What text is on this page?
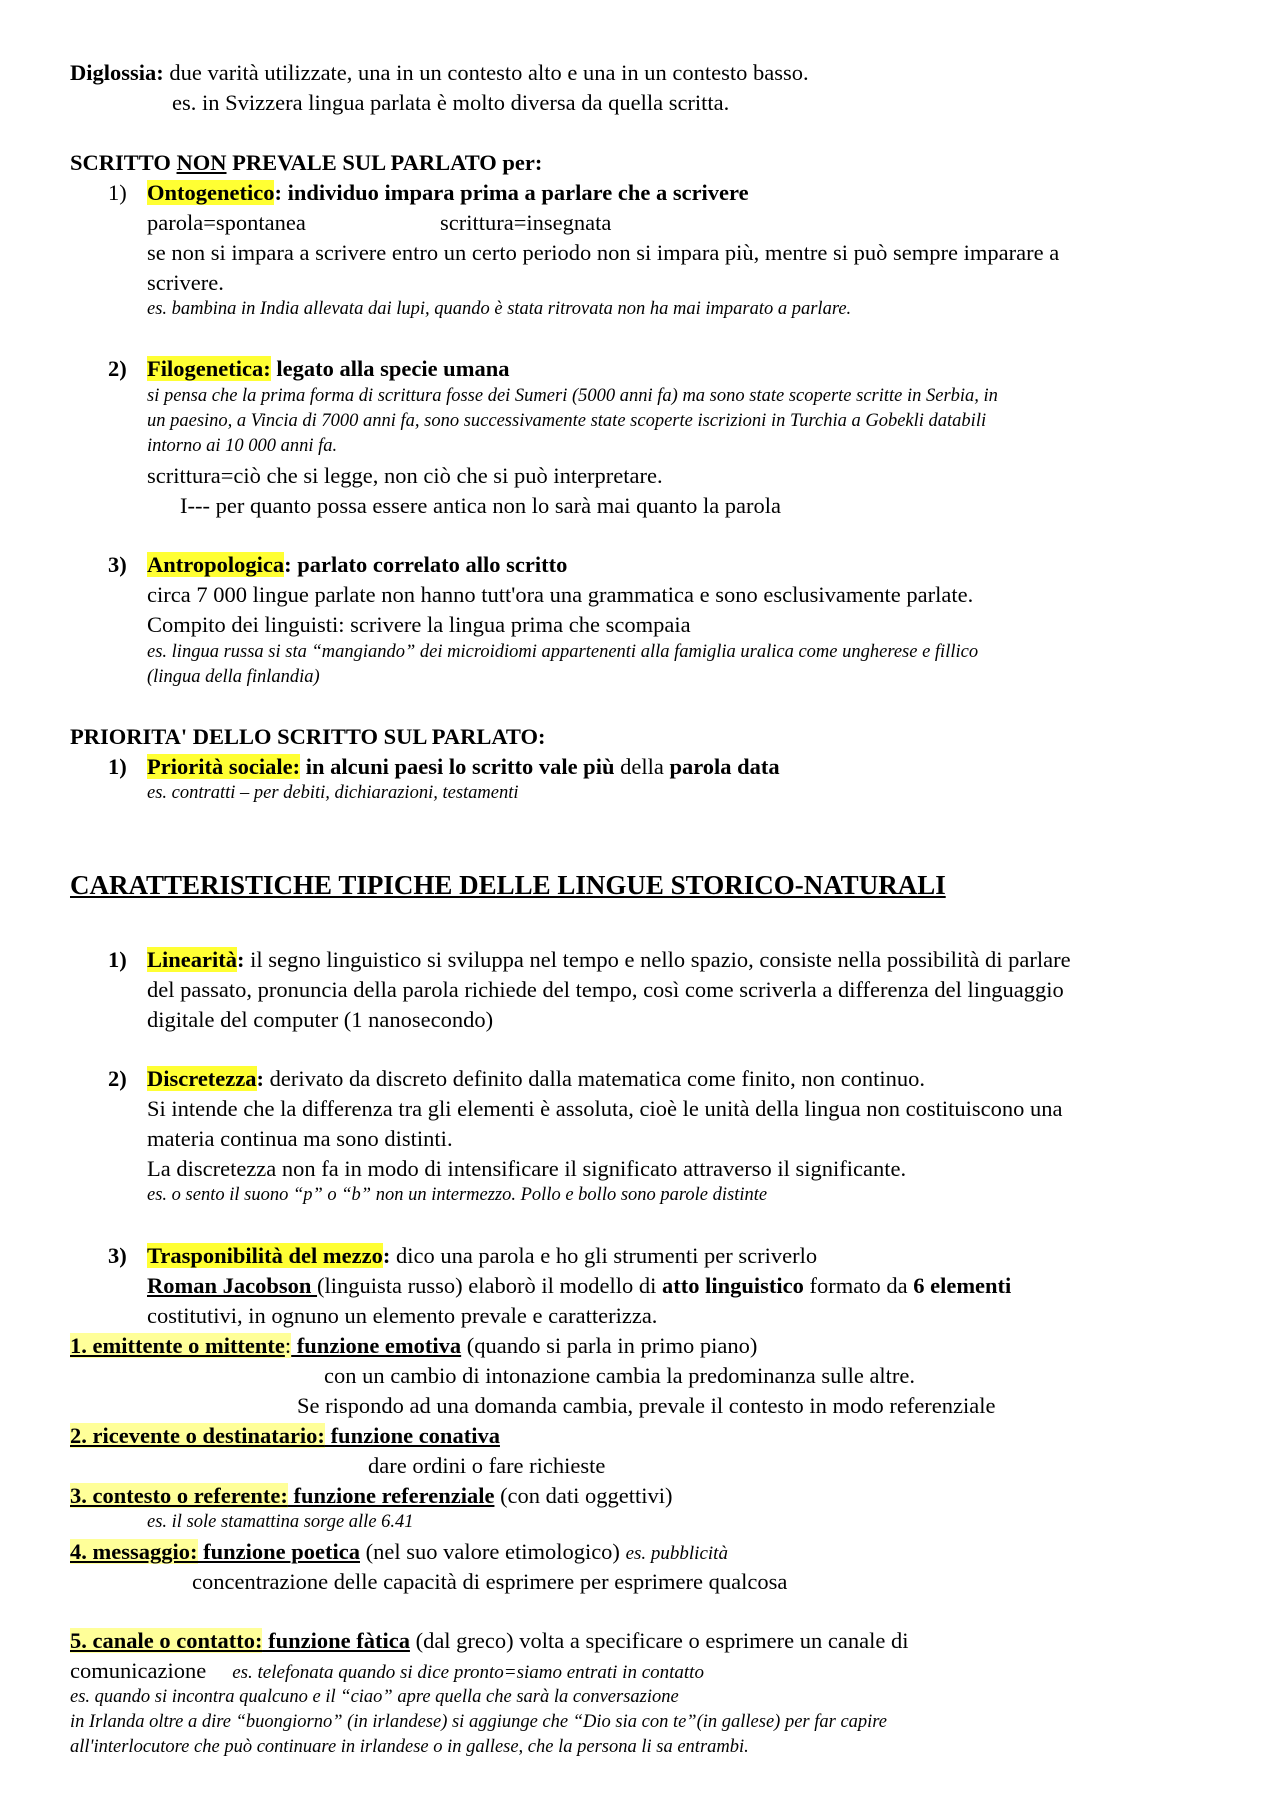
Diglossia: due varità utilizzate, una in un contesto alto e una in un contesto basso.
es. in Svizzera lingua parlata è molto diversa da quella scritta.
SCRITTO NON PREVALE SUL PARLATO per:
1) Ontogenetico: individuo impara prima a parlare che a scrivere
parola=spontanea	scrittura=insegnata
se non si impara a scrivere entro un certo periodo non si impara più, mentre si può sempre imparare a
scrivere.
es. bambina in India allevata dai lupi, quando è stata ritrovata non ha mai imparato a parlare.
2) Filogenetica: legato alla specie umana
si pensa che la prima forma di scrittura fosse dei Sumeri (5000 anni fa) ma sono state scoperte scritte in Serbia, in
un paesino, a Vincia di 7000 anni fa, sono successivamente state scoperte iscrizioni in Turchia a Gobekli databili
intorno ai 10 000 anni fa.
scrittura=ciò che si legge, non ciò che si può interpretare.
I--- per quanto possa essere antica non lo sarà mai quanto la parola
3) Antropologica: parlato correlato allo scritto
circa 7 000 lingue parlate non hanno tutt'ora una grammatica e sono esclusivamente parlate.
Compito dei linguisti: scrivere la lingua prima che scompaia
es. lingua russa si sta “mangiando” dei microidiomi appartenenti alla famiglia uralica come ungherese e fillico
(lingua della finlandia)
PRIORITA' DELLO SCRITTO SUL PARLATO:
1) Priorità sociale: in alcuni paesi lo scritto vale più della parola data
es. contratti – per debiti, dichiarazioni, testamenti
CARATTERISTICHE TIPICHE DELLE LINGUE STORICO-NATURALI
1) Linearità: il segno linguistico si sviluppa nel tempo e nello spazio, consiste nella possibilità di parlare
del passato, pronuncia della parola richiede del tempo, così come scriverla a differenza del linguaggio
digitale del computer (1 nanosecondo)
2) Discretezza: derivato da discreto definito dalla matematica come finito, non continuo.
Si intende che la differenza tra gli elementi è assoluta, cioè le unità della lingua non costituiscono una
materia continua ma sono distinti.
La discretezza non fa in modo di intensificare il significato attraverso il significante.
es. o sento il suono “p” o “b” non un intermezzo. Pollo e bollo sono parole distinte
3) Trasponibilità del mezzo: dico una parola e ho gli strumenti per scriverlo
Roman Jacobson (linguista russo) elaborò il modello di atto linguistico formato da 6 elementi
costitutivi, in ognuno un elemento prevale e caratterizza.
1. emittente o mittente: funzione emotiva (quando si parla in primo piano)
con un cambio di intonazione cambia la predominanza sulle altre.
Se rispondo ad una domanda cambia, prevale il contesto in modo referenziale
2. ricevente o destinatario: funzione conativa
dare ordini o fare richieste
3. contesto o referente: funzione referenziale (con dati oggettivi)
es. il sole stamattina sorge alle 6.41
4. messaggio: funzione poetica (nel suo valore etimologico) es. pubblicità
concentrazione delle capacità di esprimere per esprimere qualcosa
5. canale o contatto: funzione fàtica (dal greco) volta a specificare o esprimere un canale di
comunicazione es. telefonata quando si dice pronto=siamo entrati in contatto
es. quando si incontra qualcuno e il “ciao” apre quella che sarà la conversazione
in Irlanda oltre a dire “buongiorno” (in irlandese) si aggiunge che “Dio sia con te”(in gallese) per far capire
all'interlocutore che può continuare in irlandese o in gallese, che la persona li sa entrambi.
